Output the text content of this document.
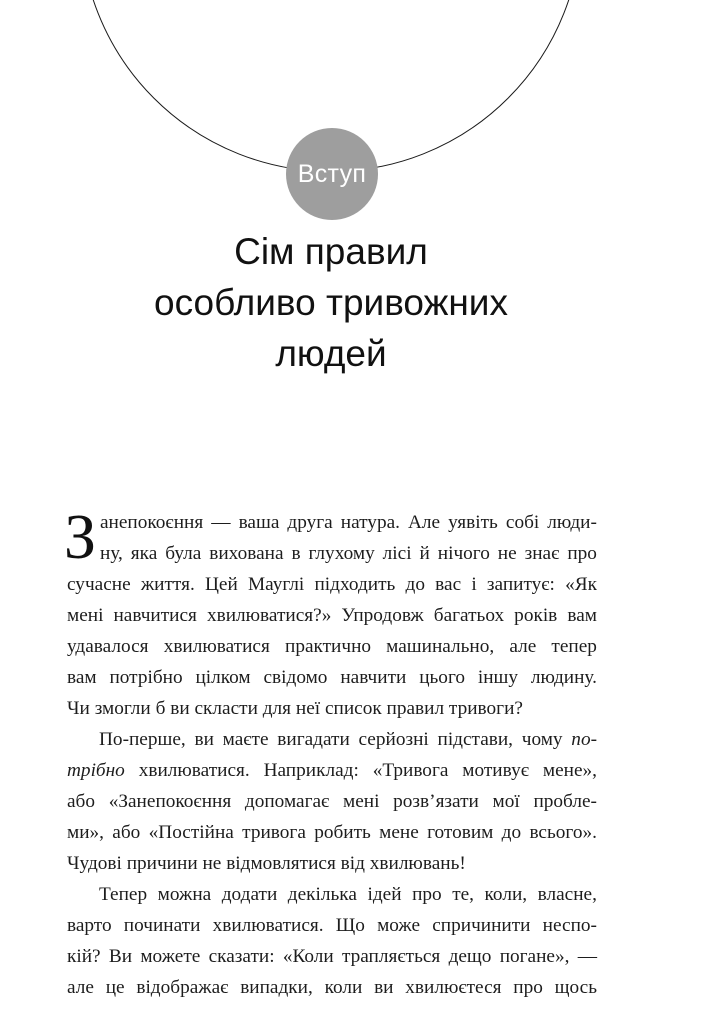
Вступ
Сім правил
особливо тривожних
людей
З анепокоєння — ваша друга натура. Але уявіть собі люди-
ну, яка була вихована в глухому лісі й нічого не знає про
сучасне життя. Цей Мауглі підходить до вас і запитує: «Як
мені навчитися хвилюватися?» Упродовж багатьох років вам
удавалося хвилюватися практично машинально, але тепер
вам потрібно цілком свідомо навчити цього іншу людину.
Чи
змогли
б
ви
скласти
для
неї
список
правил
тривоги?
По-перше, ви маєте вигадати серйозні підстави, чому по-
трібно хвилюватися. Наприклад: «Тривога мотивує мене»,
або «Занепокоєння допомагає мені розв’язати мої пробле-
ми», або «Постійна тривога робить мене готовим до всього».
Чудові
причини
не
відмовлятися
від
хвилювань!
Тепер можна додати декілька ідей про те, коли, власне,
варто починати хвилюватися. Що може спричинити неспо-
кій? Ви можете сказати: «Коли трапляється дещо погане», —
але це відображає випадки, коли ви хвилюєтеся про щось
